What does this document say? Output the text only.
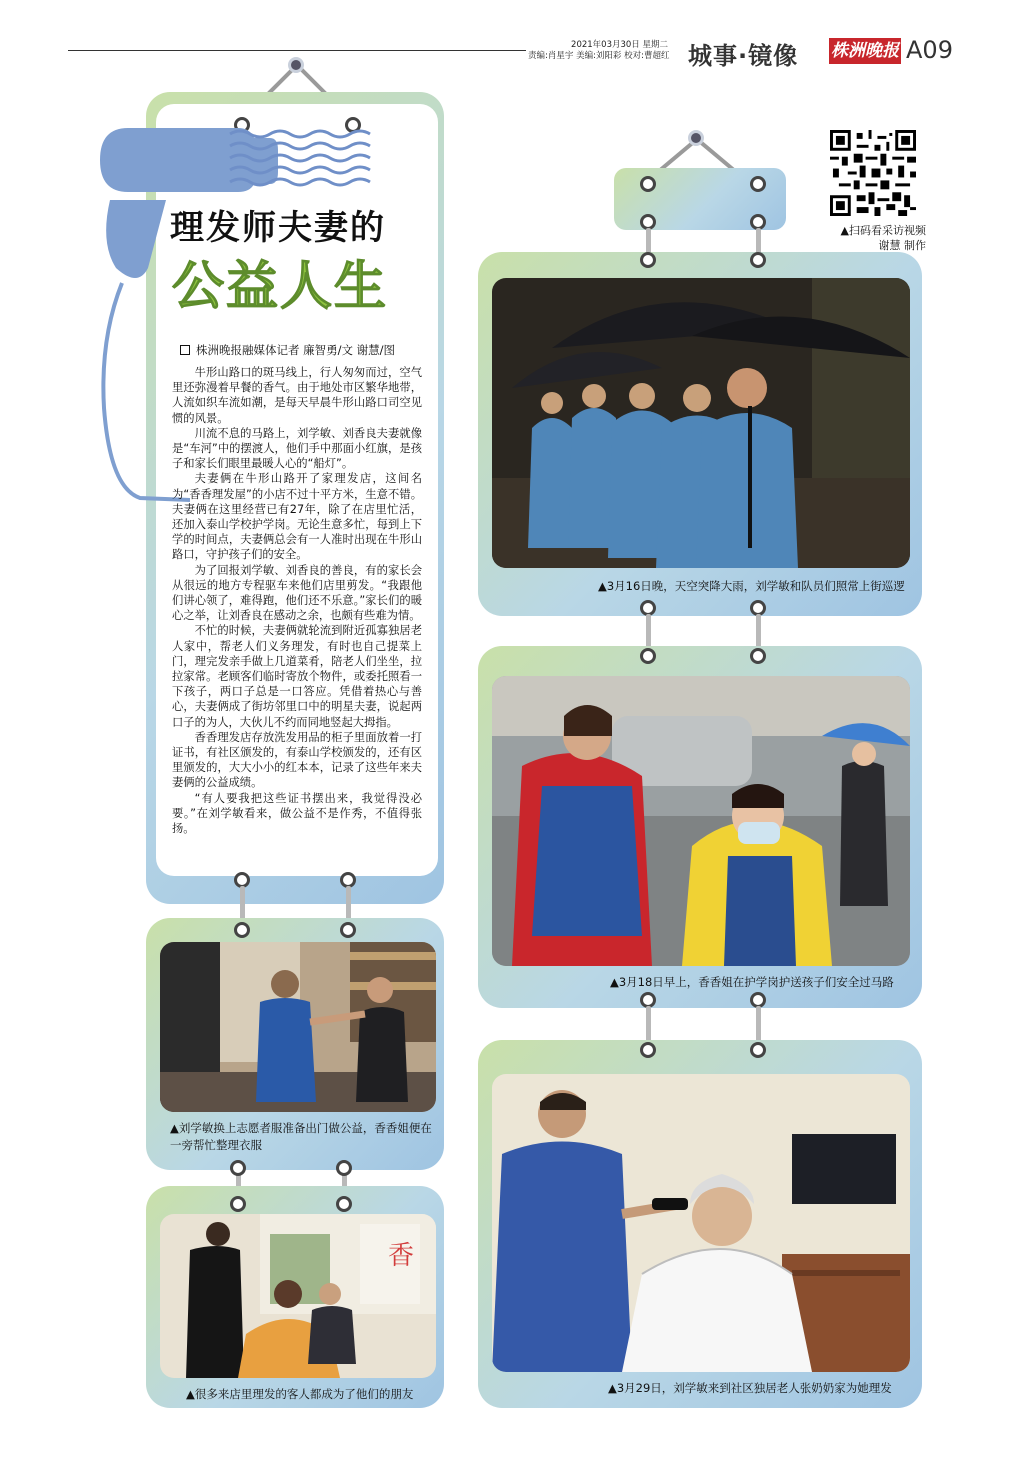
2021年03月30日 星期二
责编:肖星宇 美编:刘阳彩 校对:曹超红 城事·镜像 株洲晚报 A09
理发师夫妻的
公益人生
株洲晚报融媒体记者 廉智勇/文 谢慧/图

牛形山路口的斑马线上，行人匆匆而过，空气里还弥漫着早餐的香气。由于地处市区繁华地带，人流如织车流如潮，是每天早晨牛形山路口司空见惯的风景。

川流不息的马路上，刘学敏、刘香良夫妻就像是“车河”中的摆渡人，他们手中那面小红旗，是孩子和家长们眼里最暖人心的“船灯”。

夫妻俩在牛形山路开了家理发店，这间名为“香香理发屋”的小店不过十平方米，生意不错。夫妻俩在这里经营已有27年，除了在店里忙活，还加入泰山学校护学岗。无论生意多忙，每到上下学的时间点，夫妻俩总会有一人准时出现在牛形山路口，守护孩子们的安全。

为了回报刘学敏、刘香良的善良，有的家长会从很远的地方专程驱车来他们店里剪发。“我跟他们讲心领了，难得跑，他们还不乐意。”家长们的暖心之举，让刘香良在感动之余，也颇有些难为情。

不忙的时候，夫妻俩就轮流到附近孤寡独居老人家中，帮老人们义务理发，有时也自己提菜上门，理完发亲手做上几道菜肴，陪老人们坐坐，拉拉家常。老顾客们临时寄放个物件，或委托照看一下孩子，两口子总是一口答应。凭借着热心与善心，夫妻俩成了街坊邻里口中的明星夫妻，说起两口子的为人，大伙儿不约而同地竖起大拇指。

香香理发店存放洗发用品的柜子里面放着一打证书，有社区颁发的，有泰山学校颁发的，还有区里颁发的，大大小小的红本本，记录了这些年来夫妻俩的公益成绩。

“有人要我把这些证书摆出来，我觉得没必要。”在刘学敏看来，做公益不是作秀，不值得张扬。

▲刘学敏换上志愿者服准备出门做公益，香香姐便在一旁帮忙整理衣服
香
▲很多来店里理发的客人都成为了他们的朋友
▲扫码看采访视频
谢慧 制作
▲3月16日晚，天空突降大雨，刘学敏和队员们照常上街巡逻
▲3月18日早上，香香姐在护学岗护送孩子们安全过马路
▲3月29日，刘学敏来到社区独居老人张奶奶家为她理发
